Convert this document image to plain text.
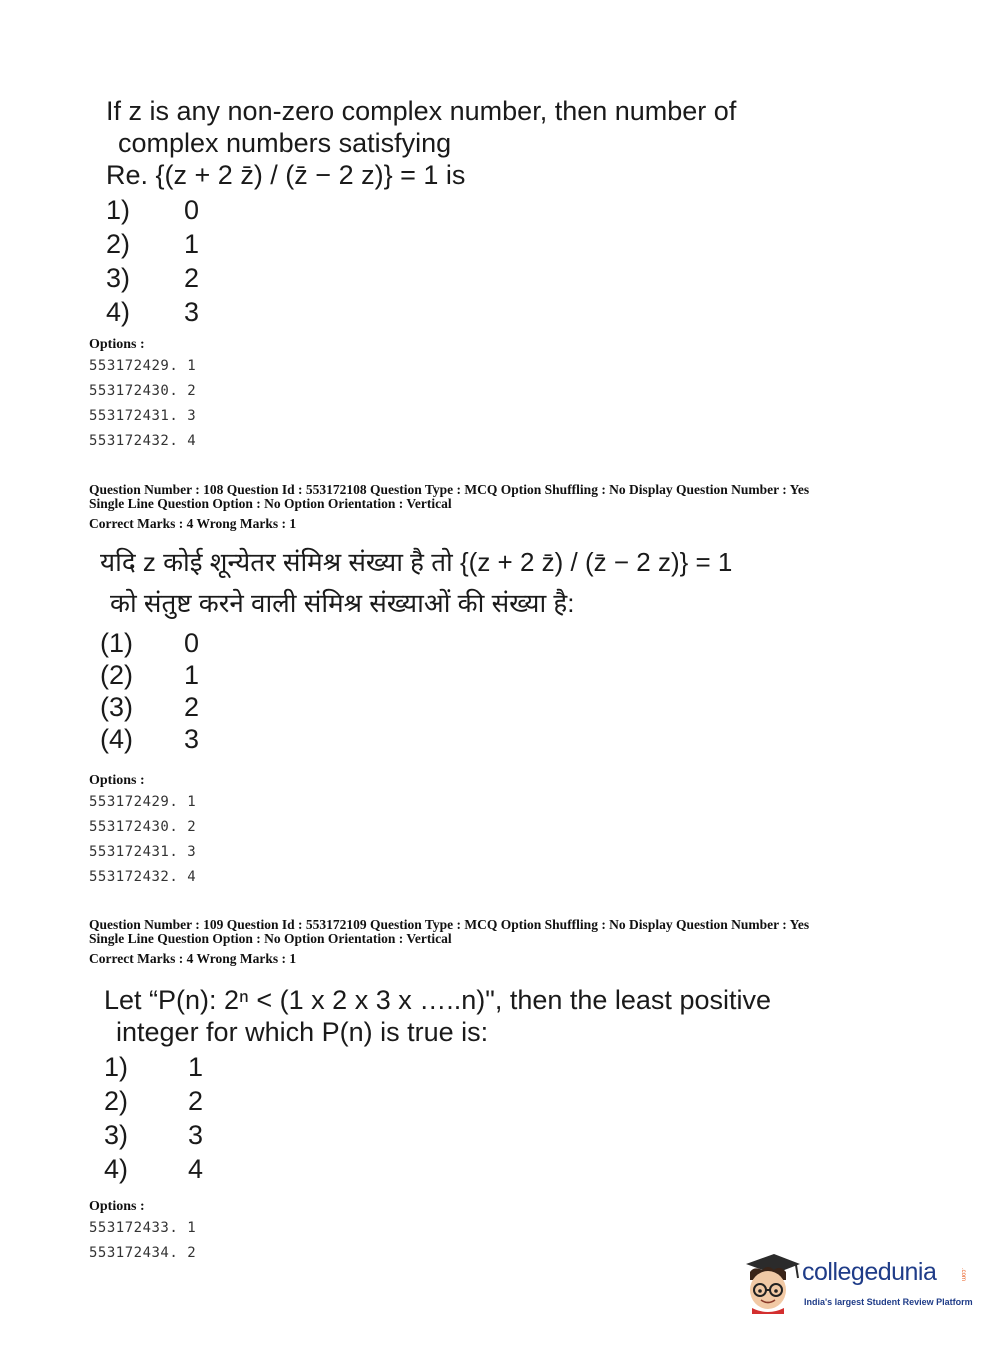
If z is any non-zero complex number, then number of
complex numbers satisfying
Re. {(z + 2 z̄) / (z̄ − 2 z)} = 1 is
1)	0
2)	1
3)	2
4)	3
Options :
553172429. 1
553172430. 2
553172431. 3
553172432. 4
Question Number : 108 Question Id : 553172108 Question Type : MCQ Option Shuffling : No Display Question Number : Yes
Single Line Question Option : No Option Orientation : Vertical
Correct Marks : 4 Wrong Marks : 1
यदि z कोई शून्येतर संमिश्र संख्या है तो {(z + 2 z̄) / (z̄ − 2 z)} = 1
को संतुष्ट करने वाली संमिश्र संख्याओं की संख्या है:
(1)	0
(2)	1
(3)	2
(4)	3
Options :
553172429. 1
553172430. 2
553172431. 3
553172432. 4
Question Number : 109 Question Id : 553172109 Question Type : MCQ Option Shuffling : No Display Question Number : Yes
Single Line Question Option : No Option Orientation : Vertical
Correct Marks : 4 Wrong Marks : 1
Let “P(n): 2ⁿ < (1 x 2 x 3 x …..n)", then the least positive
integer for which P(n) is true is:
1)	1
2)	2
3)	3
4)	4
Options :
553172433. 1
553172434. 2
collegedunia	.com
India's largest Student Review Platform
